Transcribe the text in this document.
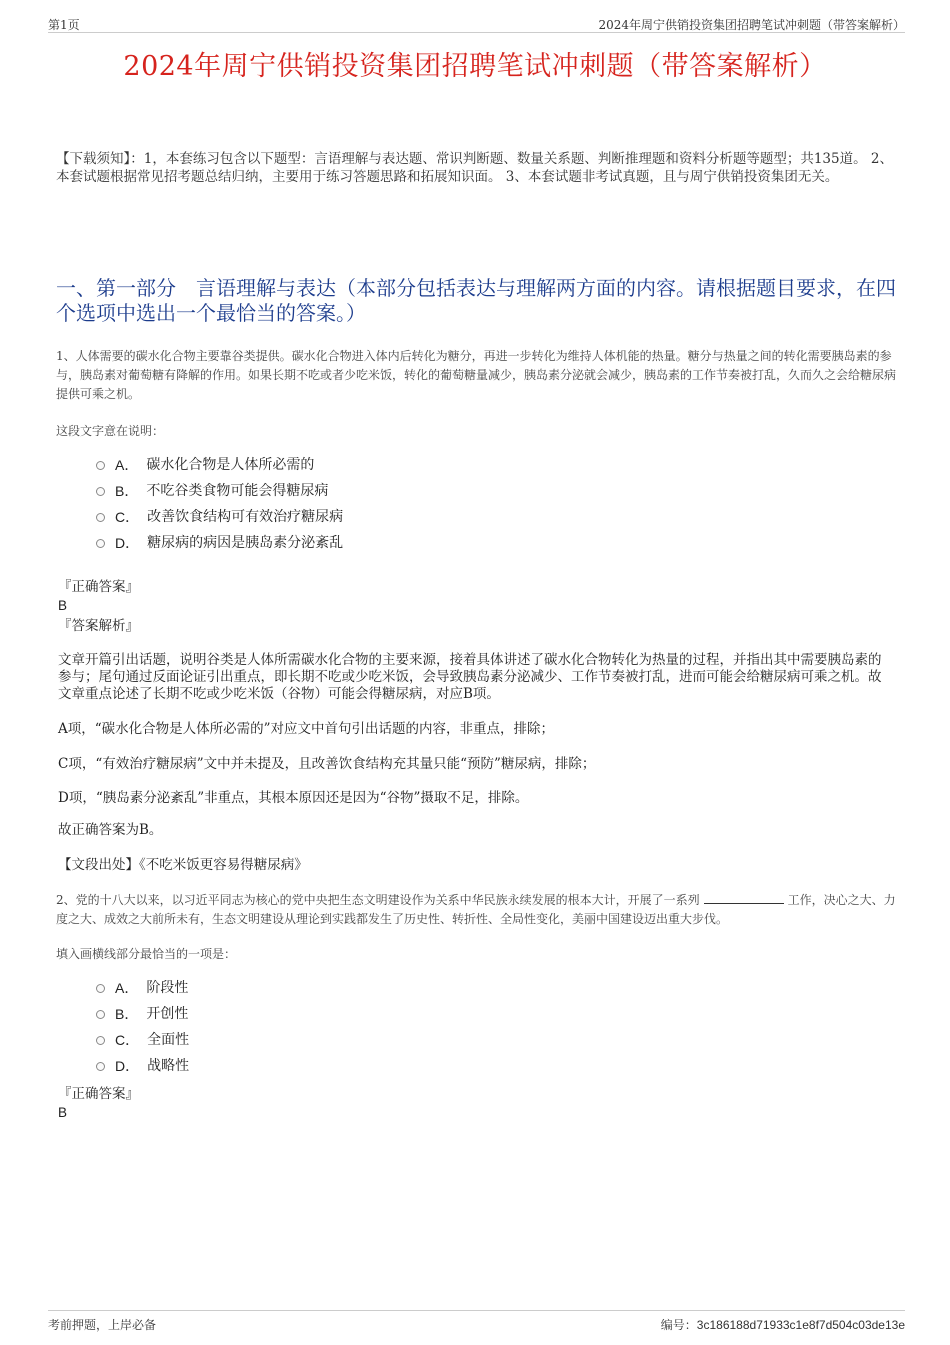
第1页	2024年周宁供销投资集团招聘笔试冲刺题（带答案解析）
2024年周宁供销投资集团招聘笔试冲刺题（带答案解析）
【下载须知】：1，本套练习包含以下题型：言语理解与表达题、常识判断题、数量关系题、判断推理题和资料分析题等题型；共135道。 2、本套试题根据常见招考题总结归纳，主要用于练习答题思路和拓展知识面。 3、本套试题非考试真题，且与周宁供销投资集团无关。
一、第一部分　言语理解与表达（本部分包括表达与理解两方面的内容。请根据题目要求，在四个选项中选出一个最恰当的答案。）
1、人体需要的碳水化合物主要靠谷类提供。碳水化合物进入体内后转化为糖分，再进一步转化为维持人体机能的热量。糖分与热量之间的转化需要胰岛素的参与，胰岛素对葡萄糖有降解的作用。如果长期不吃或者少吃米饭，转化的葡萄糖量减少，胰岛素分泌就会减少，胰岛素的工作节奏被打乱，久而久之会给糖尿病提供可乘之机。
这段文字意在说明：
A． 碳水化合物是人体所必需的
B． 不吃谷类食物可能会得糖尿病
C． 改善饮食结构可有效治疗糖尿病
D． 糖尿病的病因是胰岛素分泌紊乱
『正确答案』
B
『答案解析』
文章开篇引出话题，说明谷类是人体所需碳水化合物的主要来源，接着具体讲述了碳水化合物转化为热量的过程，并指出其中需要胰岛素的参与；尾句通过反面论证引出重点，即长期不吃或少吃米饭，会导致胰岛素分泌减少、工作节奏被打乱，进而可能会给糖尿病可乘之机。故文章重点论述了长期不吃或少吃米饭（谷物）可能会得糖尿病，对应B项。
A项，“碳水化合物是人体所必需的”对应文中首句引出话题的内容，非重点，排除；
C项，“有效治疗糖尿病”文中并未提及，且改善饮食结构充其量只能“预防”糖尿病，排除；
D项，“胰岛素分泌紊乱”非重点，其根本原因还是因为“谷物”摄取不足，排除。
故正确答案为B。
【文段出处】《不吃米饭更容易得糖尿病》
2、党的十八大以来，以习近平同志为核心的党中央把生态文明建设作为关系中华民族永续发展的根本大计，开展了一系列	工作，决心之大、力度之大、成效之大前所未有，生态文明建设从理论到实践都发生了历史性、转折性、全局性变化，美丽中国建设迈出重大步伐。
填入画横线部分最恰当的一项是：
A． 阶段性
B． 开创性
C． 全面性
D． 战略性
『正确答案』
B
考前押题，上岸必备	编号：3c186188d71933c1e8f7d504c03de13e
